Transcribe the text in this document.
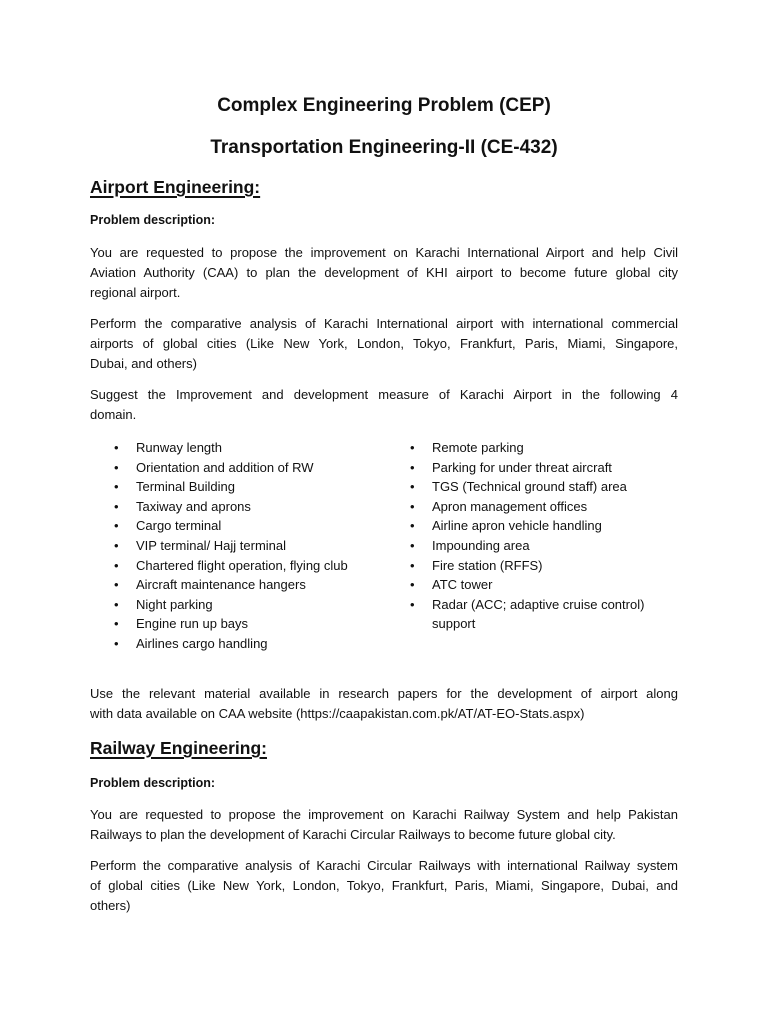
Complex Engineering Problem (CEP)
Transportation Engineering-II (CE-432)
Airport Engineering:
Problem description:
You are requested to propose the improvement on Karachi International Airport and help Civil
Aviation Authority (CAA) to plan the development of KHI airport to become future global city
regional airport.
Perform the comparative analysis of Karachi International airport with international commercial
airports of global cities (Like New York, London, Tokyo, Frankfurt, Paris, Miami, Singapore,
Dubai, and others)
Suggest the Improvement and development measure of Karachi Airport in the following 4
domain.
• Runway length
• Orientation and addition of RW
• Terminal Building
• Taxiway and aprons
• Cargo terminal
• VIP terminal/ Hajj terminal
• Chartered flight operation, flying club
• Aircraft maintenance hangers
• Night parking
• Engine run up bays
• Airlines cargo handling
• Remote parking
• Parking for under threat aircraft
• TGS (Technical ground staff) area
• Apron management offices
• Airline apron vehicle handling
• Impounding area
• Fire station (RFFS)
• ATC tower
• Radar (ACC; adaptive cruise control)
support
Use the relevant material available in research papers for the development of airport along
with data available on CAA website (https://caapakistan.com.pk/AT/AT-EO-Stats.aspx)
Railway Engineering:
Problem description:
You are requested to propose the improvement on Karachi Railway System and help Pakistan
Railways to plan the development of Karachi Circular Railways to become future global city.
Perform the comparative analysis of Karachi Circular Railways with international Railway system
of global cities (Like New York, London, Tokyo, Frankfurt, Paris, Miami, Singapore, Dubai, and
others)
